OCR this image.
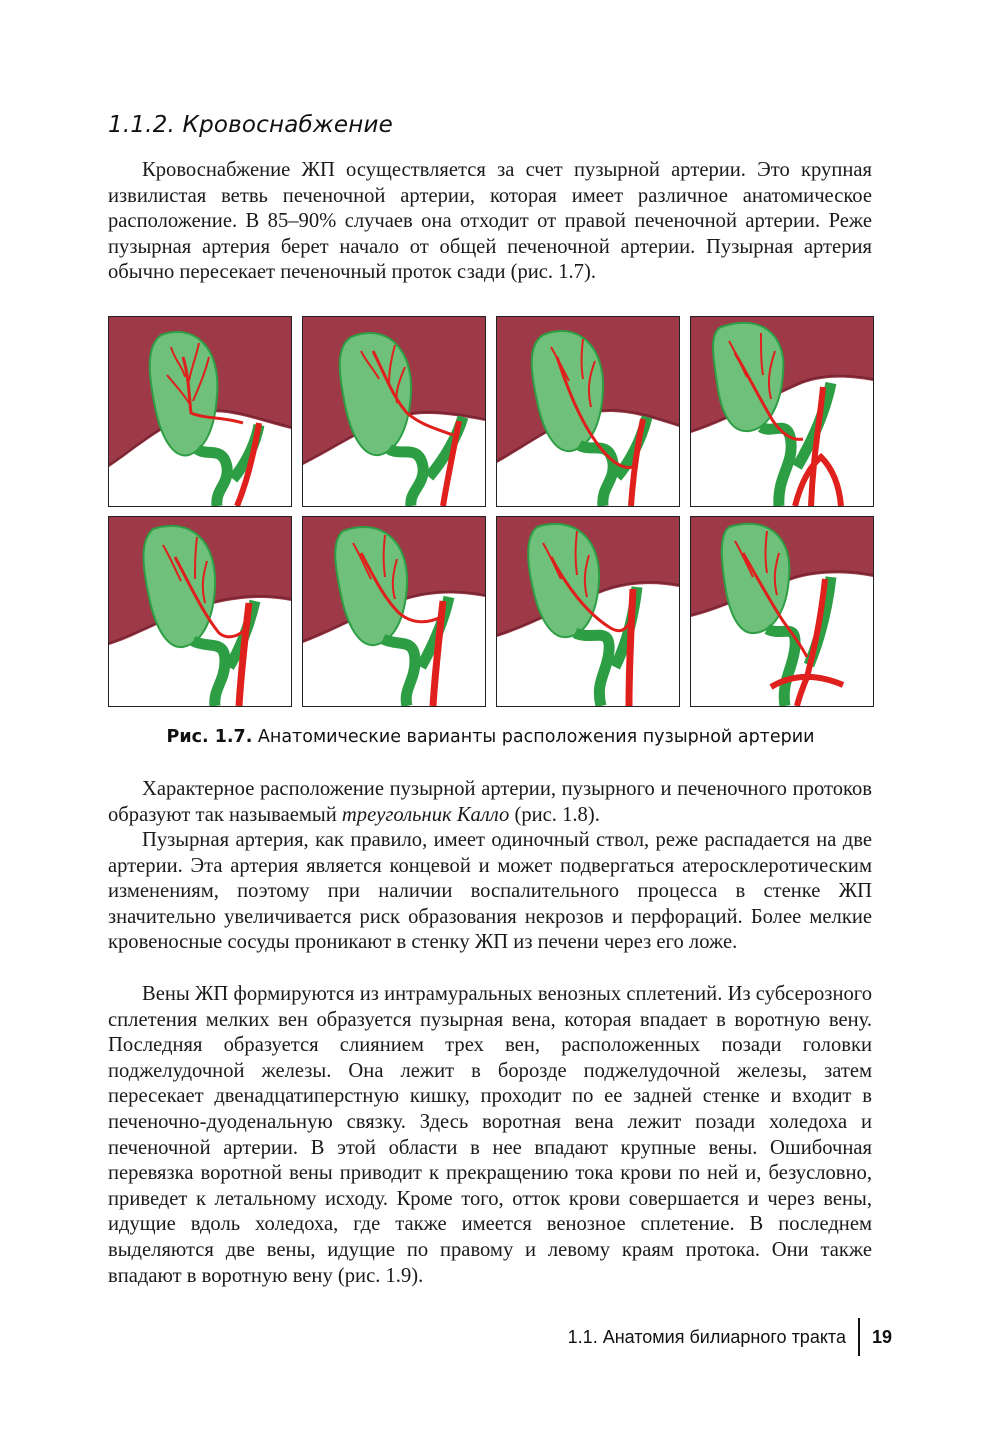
1.1.2. Кровоснабжение

Кровоснабжение ЖП осуществляется за счет пузырной артерии. Это крупная извилистая ветвь печеночной артерии, которая имеет различное анатомическое расположение. В 85–90% случаев она отходит от правой печеночной артерии. Реже пузырная артерия берет начало от общей печеночной артерии. Пузырная артерия обычно пересекает печеночный проток сзади (рис. 1.7).

Рис. 1.7. Анатомические варианты расположения пузырной артерии

Характерное расположение пузырной артерии, пузырного и печеночного протоков образуют так называемый треугольник Калло (рис. 1.8).

Пузырная артерия, как правило, имеет одиночный ствол, реже распадается на две артерии. Эта артерия является концевой и может подвергаться атеросклеротическим изменениям, поэтому при наличии воспалительного процесса в стенке ЖП значительно увеличивается риск образования некрозов и перфораций. Более мелкие кровеносные сосуды проникают в стенку ЖП из печени через его ложе.

Вены ЖП формируются из интрамуральных венозных сплетений. Из субсерозного сплетения мелких вен образуется пузырная вена, которая впадает в воротную вену. Последняя образуется слиянием трех вен, расположенных позади головки поджелудочной железы. Она лежит в борозде поджелудочной железы, затем пересекает двенадцатиперстную кишку, проходит по ее задней стенке и входит в печеночно-дуоденальную связку. Здесь воротная вена лежит позади холедоха и печеночной артерии. В этой области в нее впадают крупные вены. Ошибочная перевязка воротной вены приводит к прекращению тока крови по ней и, безусловно, приведет к летальному исходу. Кроме того, отток крови совершается и через вены, идущие вдоль холедоха, где также имеется венозное сплетение. В последнем выделяются две вены, идущие по правому и левому краям протока. Они также впадают в воротную вену (рис. 1.9).

1.1. Анатомия билиарного тракта	19
